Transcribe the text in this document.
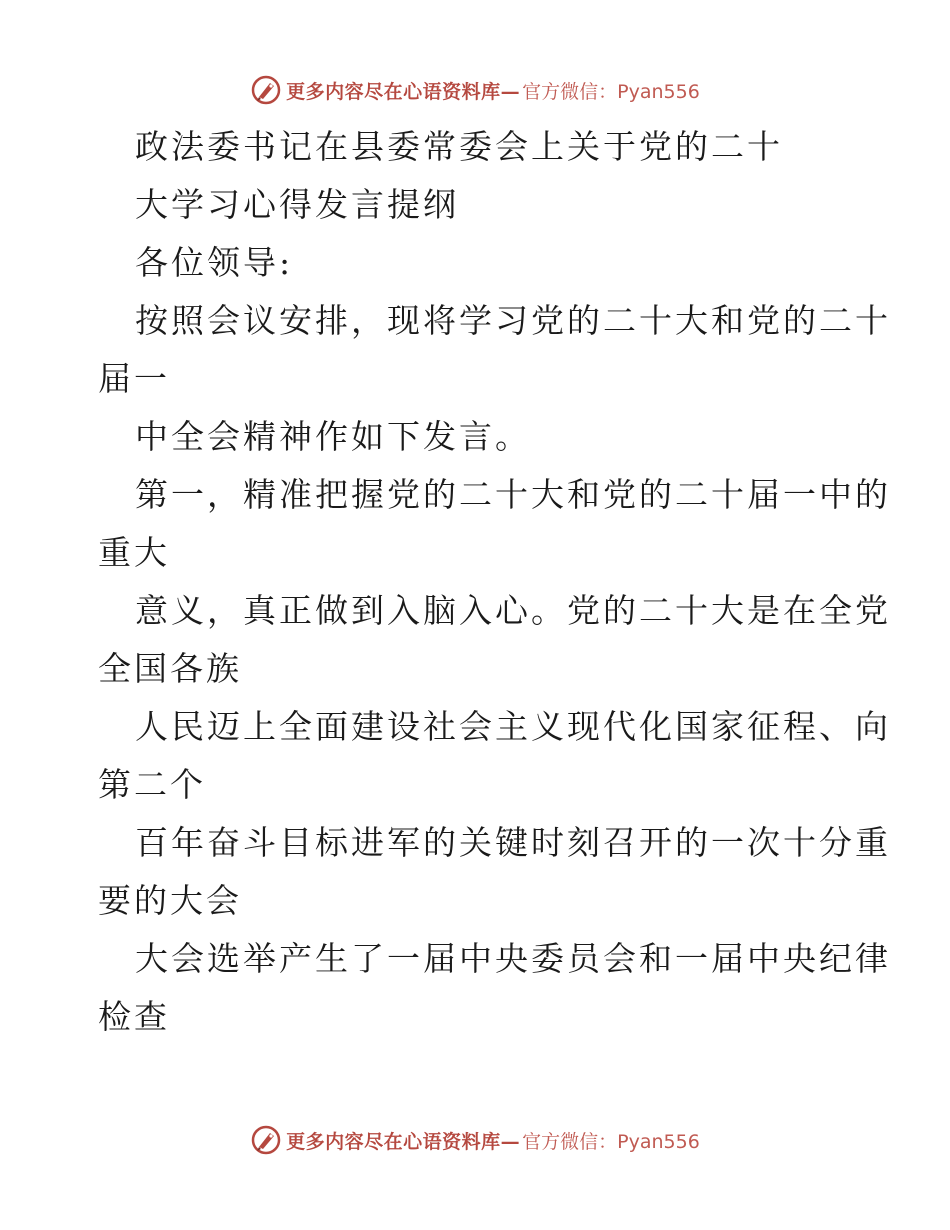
更多内容尽在心语资料库— 官方微信：Pyan556
政法委书记在县委常委会上关于党的二十
大学习心得发言提纲
各位领导:
按照会议安排，现将学习党的二十大和党的二十
届一
中全会精神作如下发言。
第一，精准把握党的二十大和党的二十届一中的
重大
意义，真正做到入脑入心。党的二十大是在全党
全国各族
人民迈上全面建设社会主义现代化国家征程、向
第二个
百年奋斗目标进军的关键时刻召开的一次十分重
要的大会
大会选举产生了一届中央委员会和一届中央纪律
检查
更多内容尽在心语资料库— 官方微信：Pyan556
